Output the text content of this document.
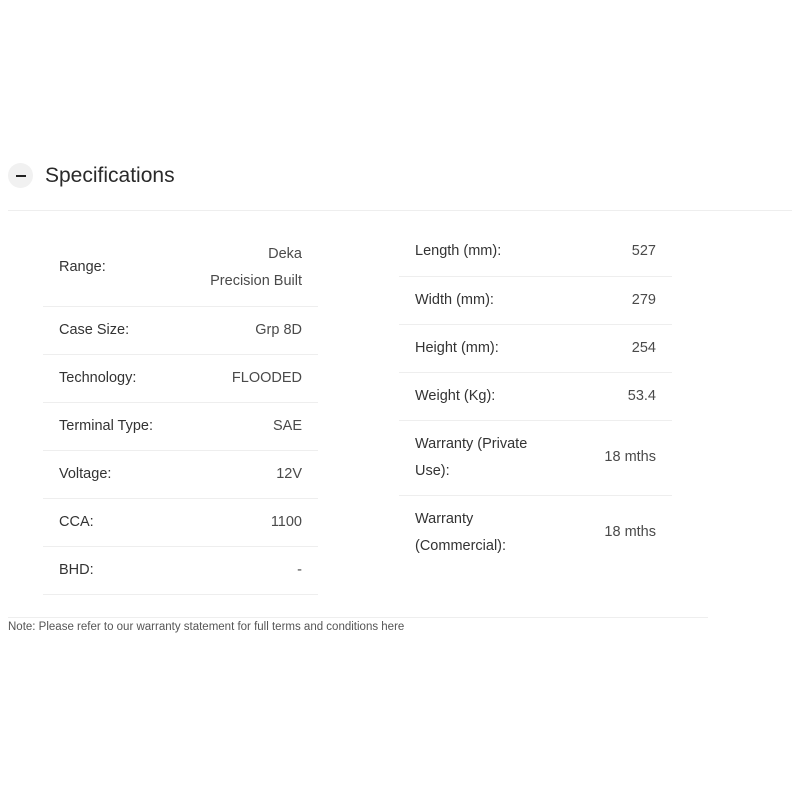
Specifications
Range:	Deka
Precision Built

Case Size:	Grp 8D
Technology:	FLOODED
Terminal Type:	SAE
Voltage:	12V
CCA:	1100
BHD:	-
Length (mm):	527
Width (mm):	279
Height (mm):	254
Weight (Kg):	53.4

Warranty (Private
Use):	18 mths

Warranty
(Commercial):	18 mths
Note: Please refer to our warranty statement for full terms and conditions here
